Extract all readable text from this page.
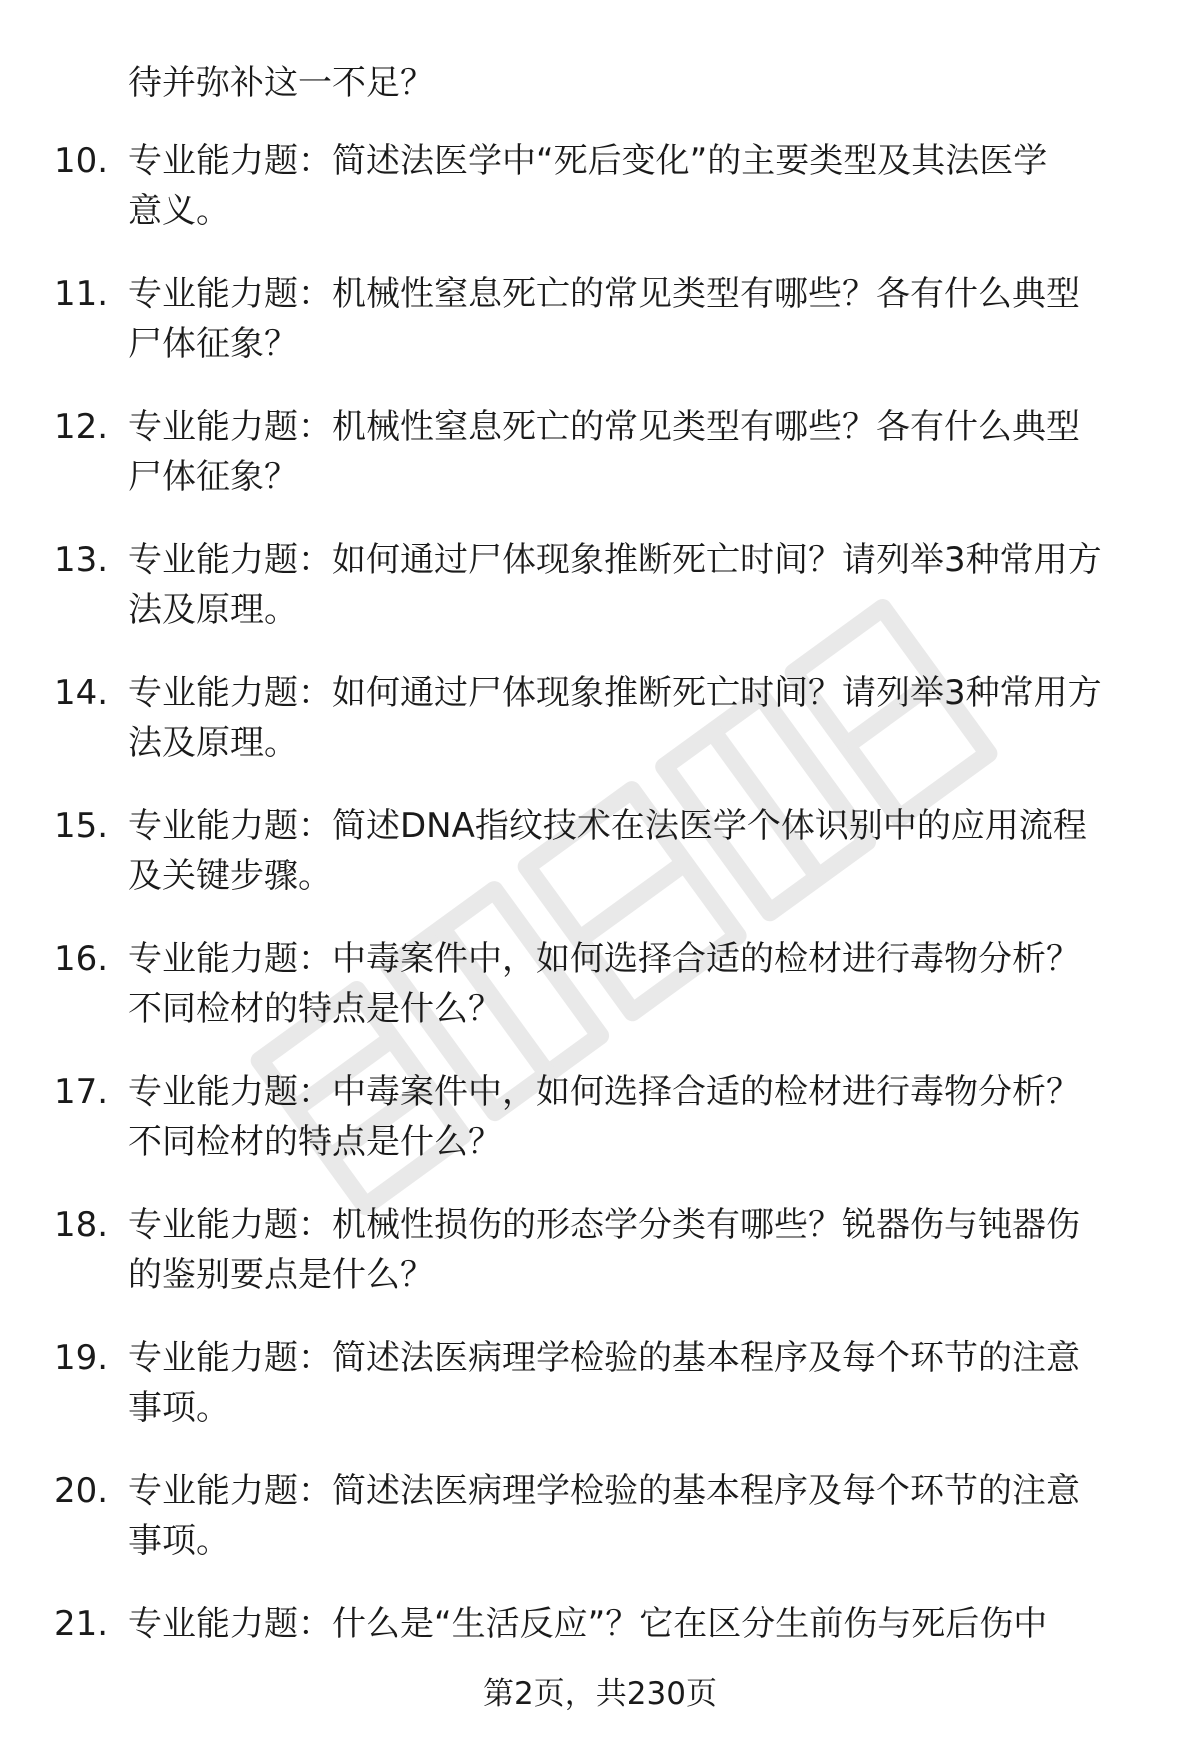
待并弥补这一不足？
10. 专业能力题：简述法医学中“死后变化”的主要类型及其法医学
意义。
11. 专业能力题：机械性窒息死亡的常见类型有哪些？各有什么典型
尸体征象？
12. 专业能力题：机械性窒息死亡的常见类型有哪些？各有什么典型
尸体征象？
13. 专业能力题：如何通过尸体现象推断死亡时间？请列举3种常用方
法及原理。
14. 专业能力题：如何通过尸体现象推断死亡时间？请列举3种常用方
法及原理。
15. 专业能力题：简述DNA指纹技术在法医学个体识别中的应用流程
及关键步骤。
16. 专业能力题：中毒案件中，如何选择合适的检材进行毒物分析？
不同检材的特点是什么？
17. 专业能力题：中毒案件中，如何选择合适的检材进行毒物分析？
不同检材的特点是什么？
18. 专业能力题：机械性损伤的形态学分类有哪些？锐器伤与钝器伤
的鉴别要点是什么？
19. 专业能力题：简述法医病理学检验的基本程序及每个环节的注意
事项。
20. 专业能力题：简述法医病理学检验的基本程序及每个环节的注意
事项。
21. 专业能力题：什么是“生活反应”？它在区分生前伤与死后伤中
第2页，共230页
